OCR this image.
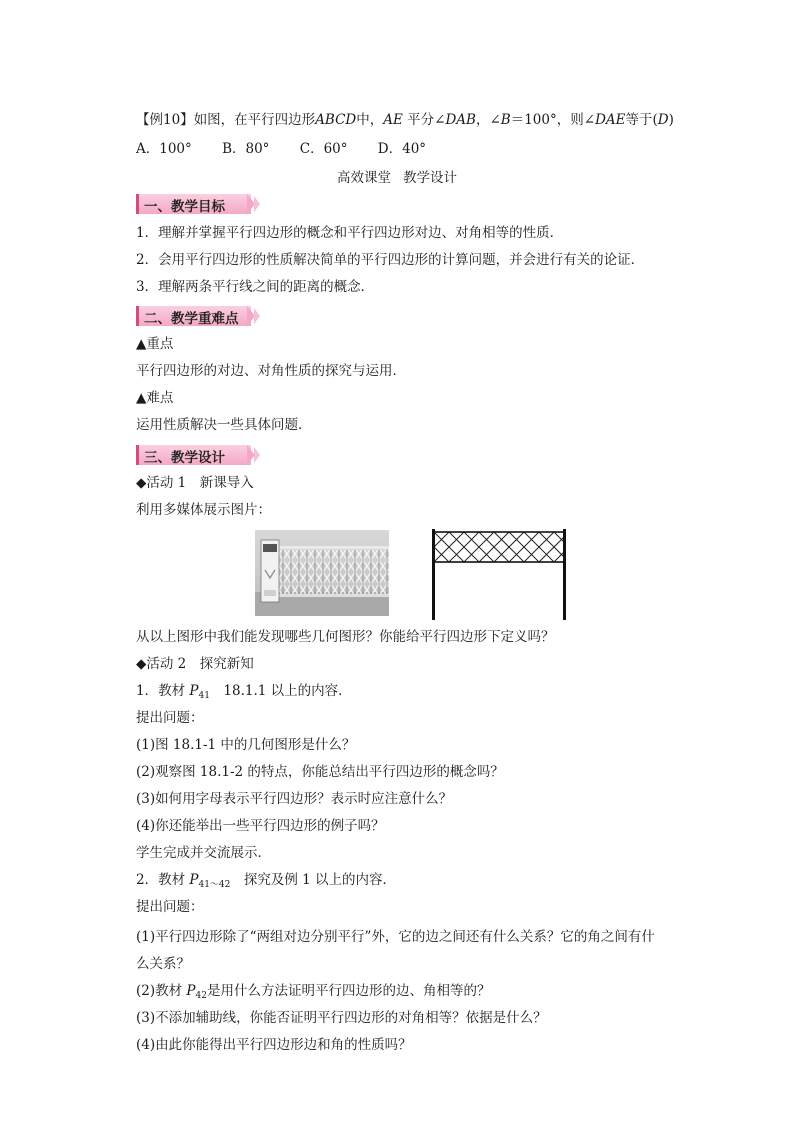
【例10】如图，在平行四边形ABCD中，AE 平分∠DAB，∠B＝100°，则∠DAE等于(D)
A．100° B．80° C．60° D．40°
高效课堂 教学设计
一、教学目标
1．理解并掌握平行四边形的概念和平行四边形对边、对角相等的性质．
2．会用平行四边形的性质解决简单的平行四边形的计算问题，并会进行有关的论证．
3．理解两条平行线之间的距离的概念．
二、教学重难点
▲重点
平行四边形的对边、对角性质的探究与运用．
▲难点
运用性质解决一些具体问题．
三、教学设计
◆活动 1　新课导入
利用多媒体展示图片：
从以上图形中我们能发现哪些几何图形？你能给平行四边形下定义吗？
◆活动 2　探究新知
1．教材 $P_{41}$　18.1.1 以上的内容．
提出问题：
(1)图 18.1-1 中的几何图形是什么？
(2)观察图 18.1-2 的特点，你能总结出平行四边形的概念吗？
(3)如何用字母表示平行四边形？表示时应注意什么？
(4)你还能举出一些平行四边形的例子吗？
学生完成并交流展示．
2．教材 $P_{41\sim 42}$　探究及例 1 以上的内容．
提出问题：
(1)平行四边形除了“两组对边分别平行”外，它的边之间还有什么关系？它的角之间有什
么关系？
(2)教材 $P_{42}$是用什么方法证明平行四边形的边、角相等的？
(3)不添加辅助线，你能否证明平行四边形的对角相等？依据是什么？
(4)由此你能得出平行四边形边和角的性质吗？
